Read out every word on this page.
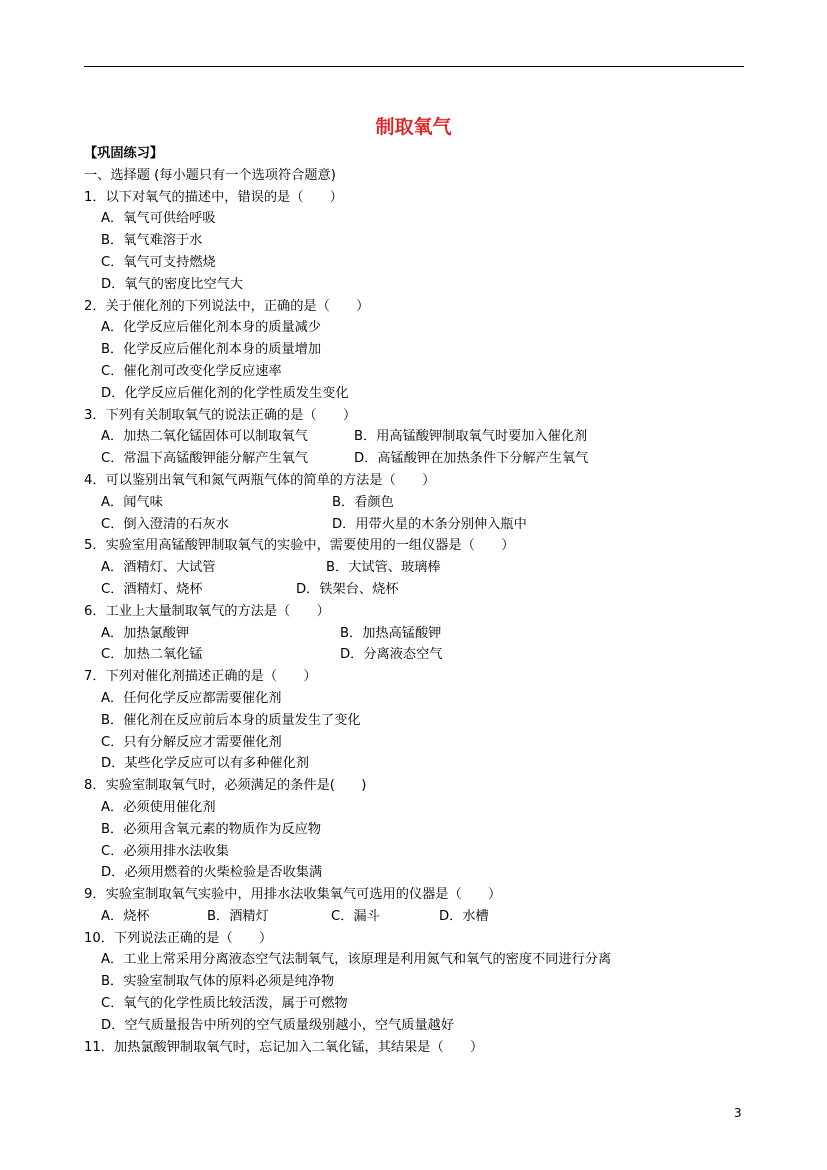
制取氧气
【巩固练习】
一、选择题 (每小题只有一个选项符合题意)
1．以下对氧气的描述中，错误的是（　　）
A．氧气可供给呼吸
B．氧气难溶于水
C．氧气可支持燃烧
D．氧气的密度比空气大
2．关于催化剂的下列说法中，正确的是（　　）
A．化学反应后催化剂本身的质量减少
B．化学反应后催化剂本身的质量增加
C．催化剂可改变化学反应速率
D．化学反应后催化剂的化学性质发生变化
3．下列有关制取氧气的说法正确的是（　　）
A．加热二氧化锰固体可以制取氧气	B．用高锰酸钾制取氧气时要加入催化剂
C．常温下高锰酸钾能分解产生氧气	D．高锰酸钾在加热条件下分解产生氧气
4．可以鉴别出氧气和氮气两瓶气体的简单的方法是（　　）
A．闻气味	B．看颜色
C．倒入澄清的石灰水	D．用带火星的木条分别伸入瓶中
5．实验室用高锰酸钾制取氧气的实验中，需要使用的一组仪器是（　　）
A．酒精灯、大试管	B．大试管、玻璃棒
C．酒精灯、烧杯	D．铁架台、烧杯
6．工业上大量制取氧气的方法是（　　）
A．加热氯酸钾	B．加热高锰酸钾
C．加热二氧化锰	D．分离液态空气
7．下列对催化剂描述正确的是（　　）
A．任何化学反应都需要催化剂
B．催化剂在反应前后本身的质量发生了变化
C．只有分解反应才需要催化剂
D．某些化学反应可以有多种催化剂
8．实验室制取氧气时，必须满足的条件是(　　)
A．必须使用催化剂
B．必须用含氧元素的物质作为反应物
C．必须用排水法收集
D．必须用燃着的火柴检验是否收集满
9．实验室制取氧气实验中，用排水法收集氧气可选用的仪器是（　　）
A．烧杯	B．酒精灯	C．漏斗	D．水槽
10．下列说法正确的是（　　）
A．工业上常采用分离液态空气法制氧气，该原理是利用氮气和氧气的密度不同进行分离
B．实验室制取气体的原料必须是纯净物
C．氧气的化学性质比较活泼，属于可燃物
D．空气质量报告中所列的空气质量级别越小，空气质量越好
11．加热氯酸钾制取氧气时，忘记加入二氧化锰，其结果是（　　）
3
